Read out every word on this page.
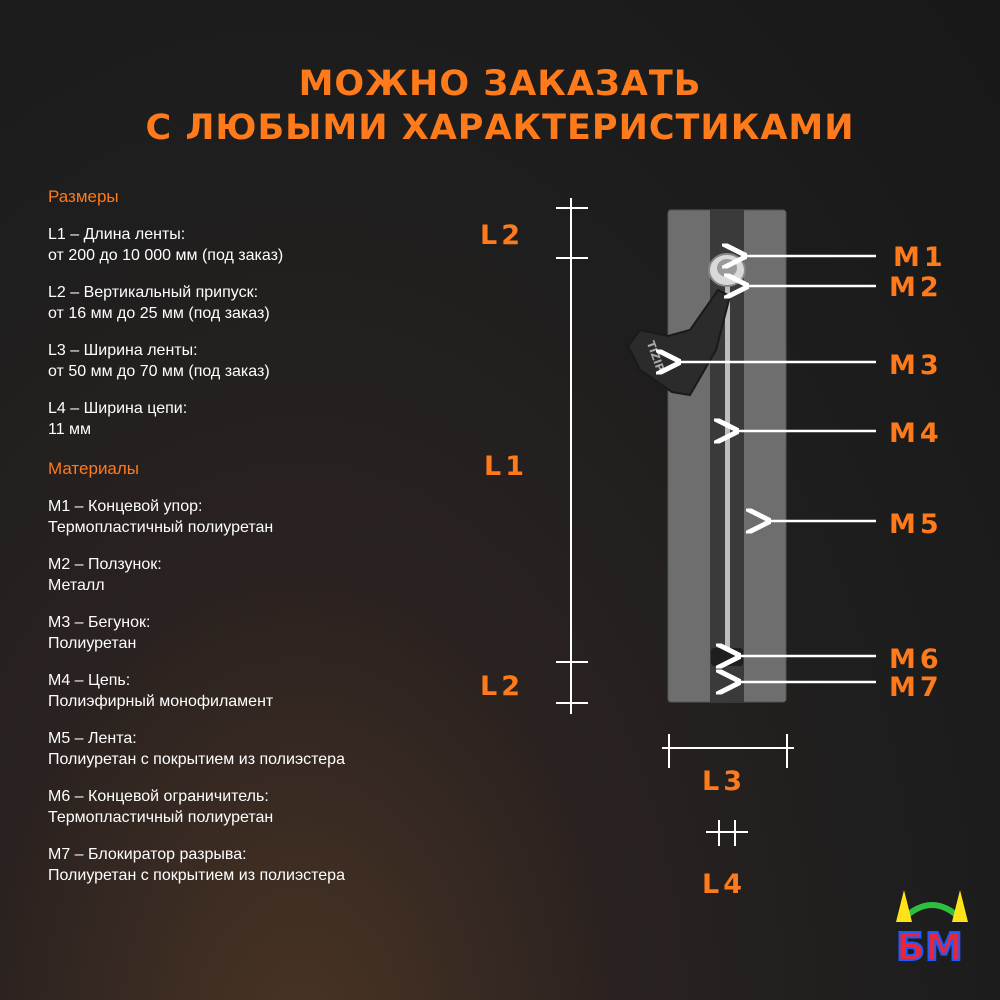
МОЖНО ЗАКАЗАТЬ
С ЛЮБЫМИ ХАРАКТЕРИСТИКАМИ
Размеры
L1 – Длина ленты:
от 200 до 10 000 мм (под заказ)
L2 – Вертикальный припуск:
от 16 мм до 25 мм (под заказ)
L3 – Ширина ленты:
от 50 мм до 70 мм (под заказ)
L4 – Ширина цепи:
11 мм
Материалы
M1 – Концевой упор:
Термопластичный полиуретан
M2 – Ползунок:
Металл
M3 – Бегунок:
Полиуретан
M4 – Цепь:
Полиэфирный монофиламент
M5 – Лента:
Полиуретан с покрытием из полиэстера
M6 – Концевой ограничитель:
Термопластичный полиуретан
M7 – Блокиратор разрыва:
Полиуретан с покрытием из полиэстера
TIZIP
L2
L1
L2
L3
L4
M1
M2
M3
M4
M5
M6
M7
БМ
